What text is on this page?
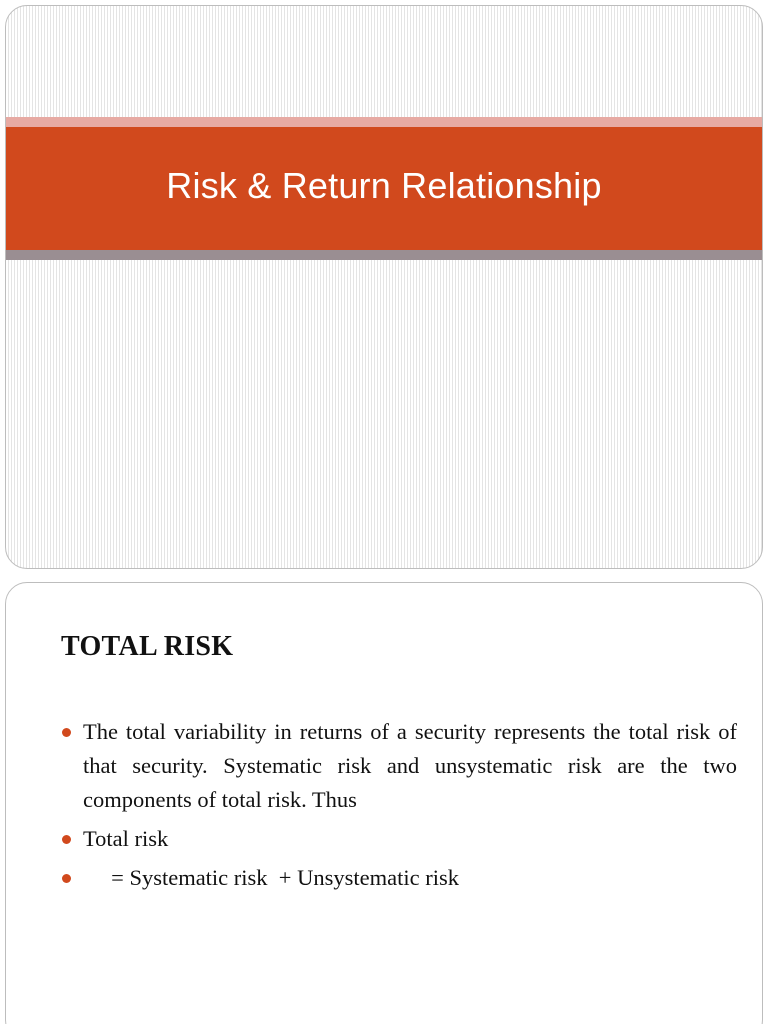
Risk & Return Relationship
TOTAL RISK
The total variability in returns of a security represents the total risk of that security. Systematic risk and unsystematic risk are the two components of total risk. Thus
Total risk
= Systematic risk  + Unsystematic risk
